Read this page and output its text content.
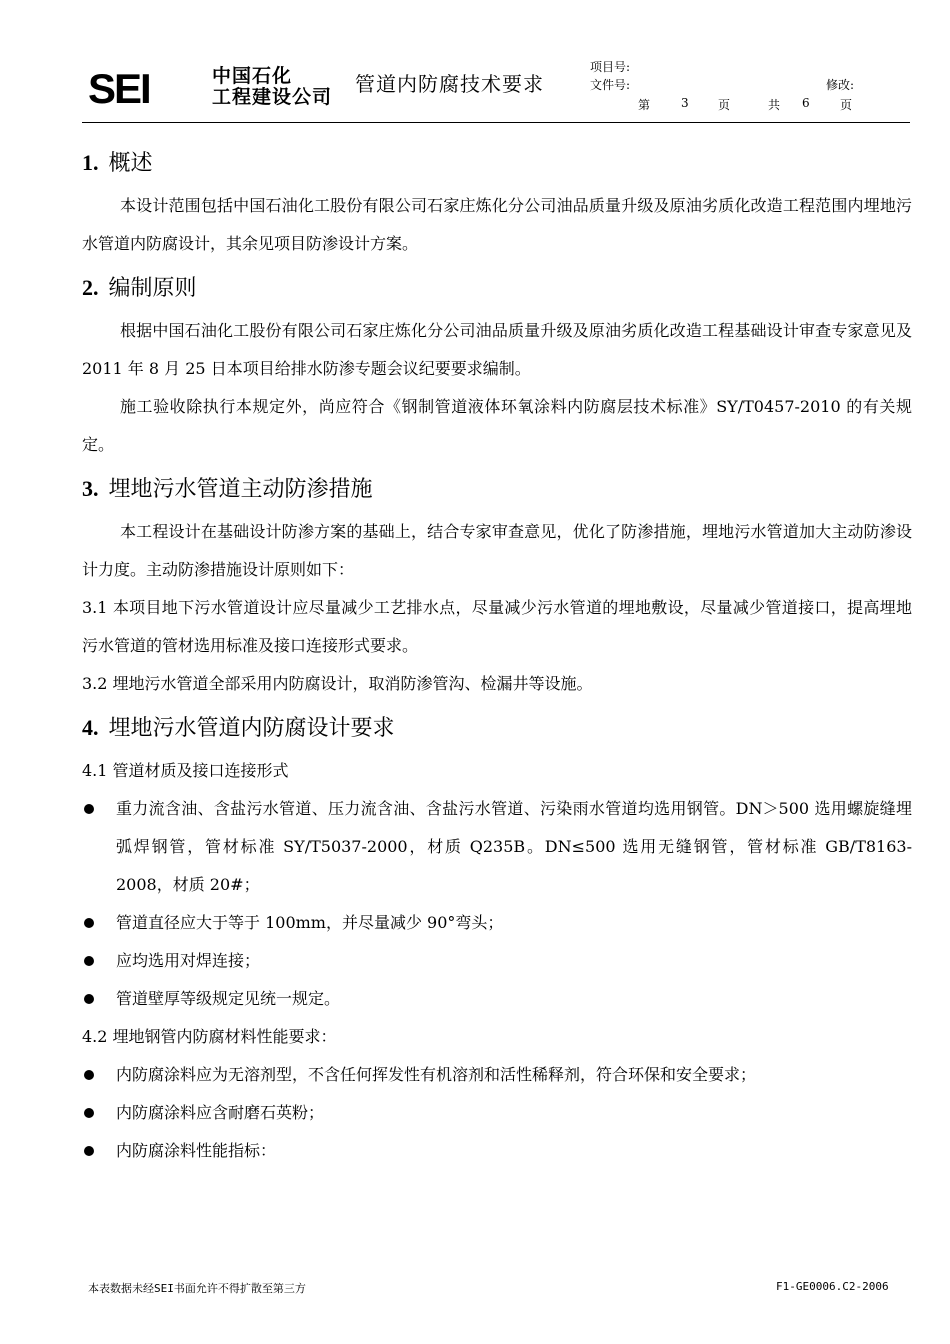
SEI	中国石化
工程建设公司
管道内防腐技术要求
项目号:
文件号:	修改:
第	3 页	共 6	页
1. 概述

本设计范围包括中国石油化工股份有限公司石家庄炼化分公司油品质量升级及原油劣质化改造工程范围内埋地污水管道内防腐设计，其余见项目防渗设计方案。

2. 编制原则

根据中国石油化工股份有限公司石家庄炼化分公司油品质量升级及原油劣质化改造工程基础设计审查专家意见及 2011 年 8 月 25 日本项目给排水防渗专题会议纪要要求编制。

施工验收除执行本规定外，尚应符合《钢制管道液体环氧涂料内防腐层技术标准》SY/T0457-2010 的有关规定。

3. 埋地污水管道主动防渗措施

本工程设计在基础设计防渗方案的基础上，结合专家审查意见，优化了防渗措施，埋地污水管道加大主动防渗设计力度。主动防渗措施设计原则如下：

3.1 本项目地下污水管道设计应尽量减少工艺排水点，尽量减少污水管道的埋地敷设，尽量减少管道接口，提高埋地污水管道的管材选用标准及接口连接形式要求。

3.2 埋地污水管道全部采用内防腐设计，取消防渗管沟、检漏井等设施。

4. 埋地污水管道内防腐设计要求

4.1 管道材质及接口连接形式

重力流含油、含盐污水管道、压力流含油、含盐污水管道、污染雨水管道均选用钢管。DN＞500 选用螺旋缝埋弧焊钢管，管材标准 SY/T5037-2000，材质 Q235B。DN≤500 选用无缝钢管，管材标准 GB/T8163-2008，材质 20#；
管道直径应大于等于 100mm，并尽量减少 90°弯头；
应均选用对焊连接；
管道壁厚等级规定见统一规定。

4.2 埋地钢管内防腐材料性能要求：

内防腐涂料应为无溶剂型，不含任何挥发性有机溶剂和活性稀释剂，符合环保和安全要求；
内防腐涂料应含耐磨石英粉；
内防腐涂料性能指标：
本表数据未经SEI书面允许不得扩散至第三方	F1-GE0006.C2-2006
